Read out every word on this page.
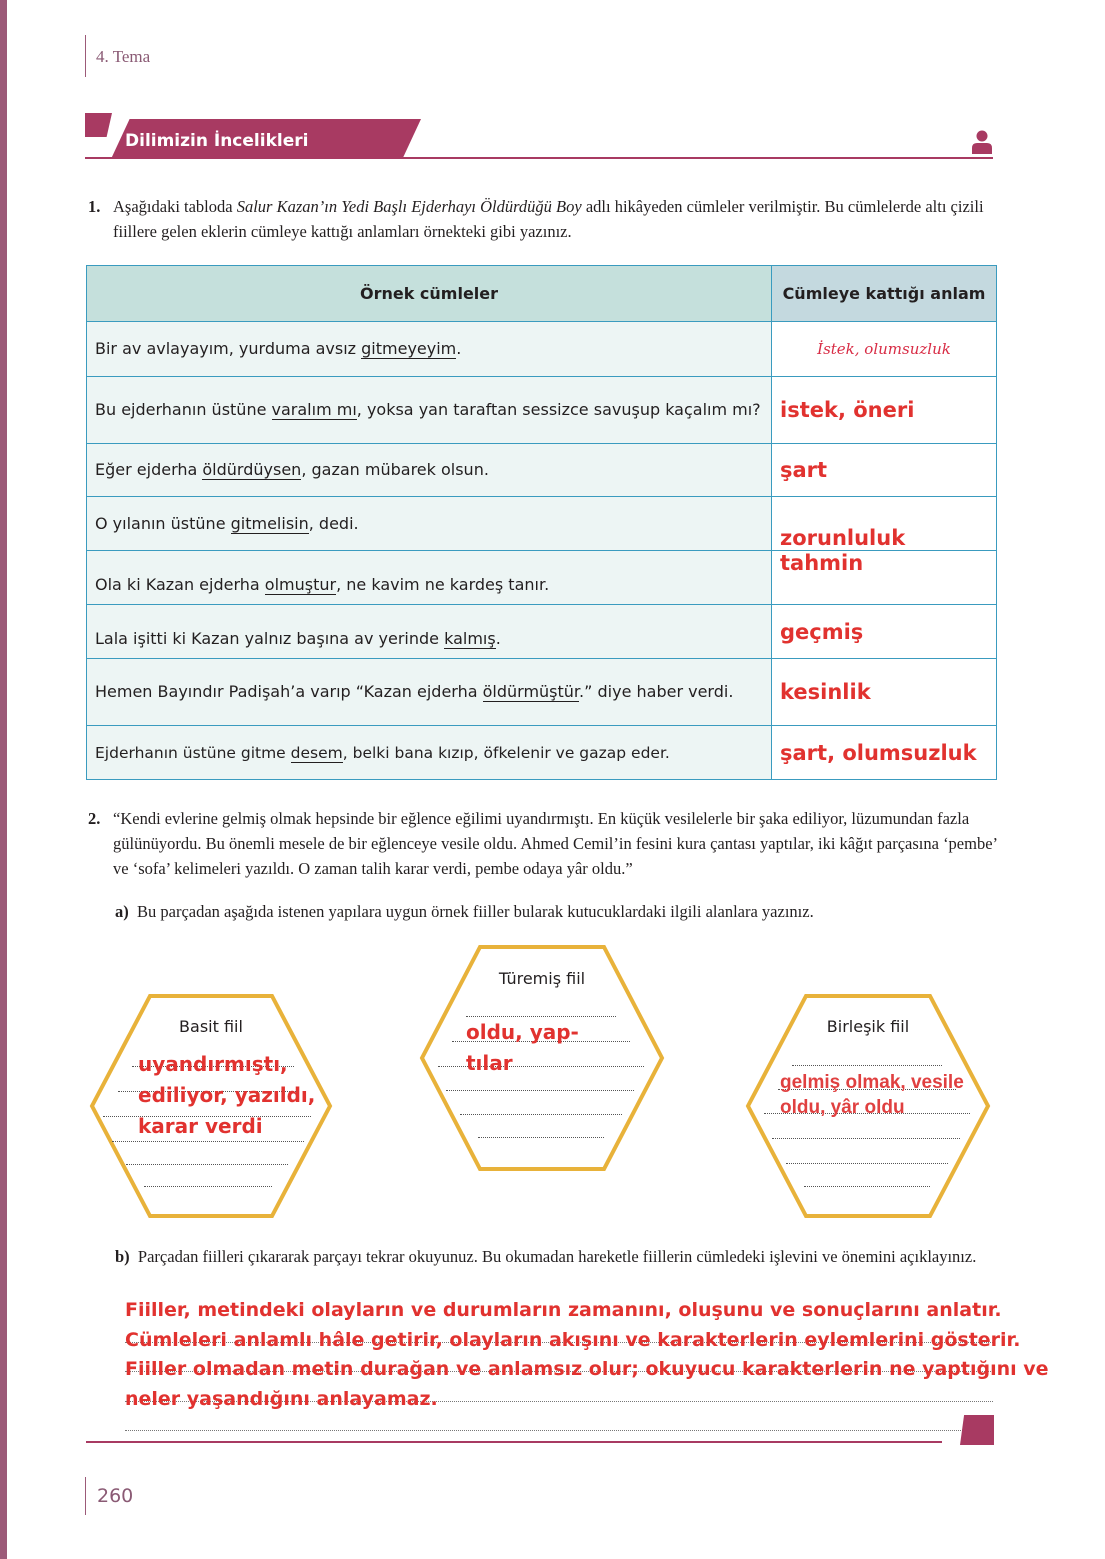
4. Tema
Dilimizin İncelikleri
1. Aşağıdaki tabloda Salur Kazan’ın Yedi Başlı Ejderhayı Öldürdüğü Boy adlı hikâyeden cümleler verilmiştir. Bu cümlelerde altı çizili fiillere gelen eklerin cümleye kattığı anlamları örnekteki gibi yazınız.
Örnek cümleler	Cümleye kattığı anlam
Bir av avlayayım, yurduma avsız gitmeyeyim.	İstek, olumsuzluk

Bu ejderhanın üstüne varalım mı, yoksa yan taraftan sessizce savuşup kaçalım mı?	istek, öneri
Eğer ejderha öldürdüysen, gazan mübarek olsun.	şart
O yılanın üstüne gitmelisin, dedi.	zorunluluk
Ola ki Kazan ejderha olmuştur, ne kavim ne kardeş tanır.	tahmin
Lala işitti ki Kazan yalnız başına av yerinde kalmış.	geçmiş
Hemen Bayındır Padişah’a varıp “Kazan ejderha öldürmüştür.” diye haber verdi.	kesinlik
Ejderhanın üstüne gitme desem, belki bana kızıp, öfkelenir ve gazap eder.	şart, olumsuzluk
2. “Kendi evlerine gelmiş olmak hepsinde bir eğlence eğilimi uyandırmıştı. En küçük vesilelerle bir şaka ediliyor, lüzumundan fazla gülünüyordu. Bu önemli mesele de bir eğlenceye vesile oldu. Ahmed Cemil’in fesini kura çantası yaptılar, iki kâğıt parçasına ‘pembe’ ve ‘sofa’ kelimeleri yazıldı. O zaman talih karar verdi, pembe odaya yâr oldu.”
a) Bu parçadan aşağıda istenen yapılara uygun örnek fiiller bularak kutucuklardaki ilgili alanlara yazınız.
Basit fiil
uyandırmıştı, ediliyor, yazıldı, karar verdi
Türemiş fiil
oldu, yap- tılar
Birleşik fiil
gelmiş olmak, vesile oldu, yâr oldu
b) Parçadan fiilleri çıkararak parçayı tekrar okuyunuz. Bu okumadan hareketle fiillerin cümledeki işlevini ve önemini açıklayınız.
Fiiller, metindeki olayların ve durumların zamanını, oluşunu ve sonuçlarını anlatır.
Cümleleri anlamlı hâle getirir, olayların akışını ve karakterlerin eylemlerini gösterir.
Fiiller olmadan metin durağan ve anlamsız olur; okuyucu karakterlerin ne yaptığını ve
neler yaşandığını anlayamaz.
260
